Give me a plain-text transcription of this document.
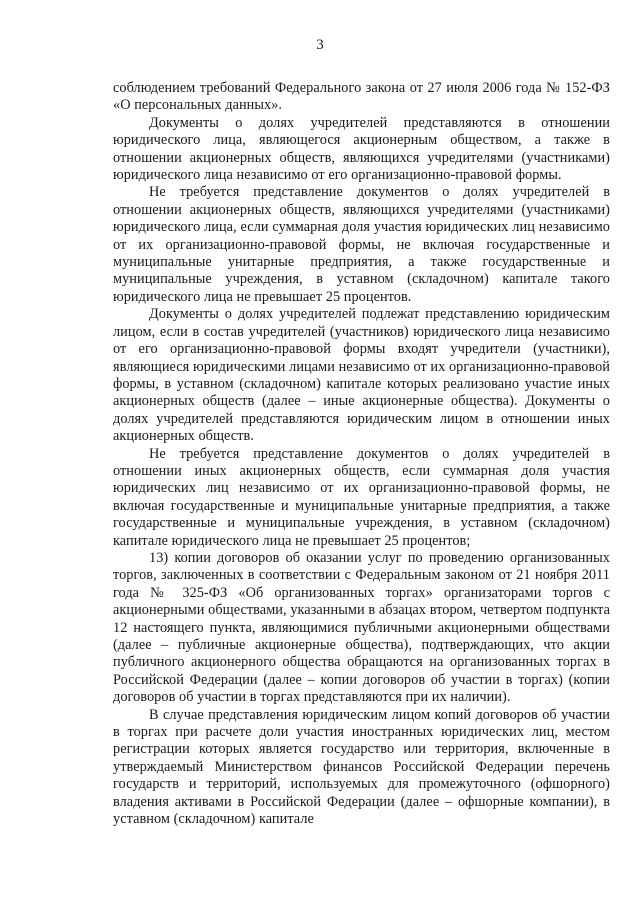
3

соблюдением требований Федерального закона от 27 июля 2006 года № 152-ФЗ «О персональных данных».

Документы о долях учредителей представляются в отношении юридического лица, являющегося акционерным обществом, а также в отношении акционерных обществ, являющихся учредителями (участниками) юридического лица независимо от его организационно-правовой формы.

Не требуется представление документов о долях учредителей в отношении акционерных обществ, являющихся учредителями (участниками) юридического лица, если суммарная доля участия юридических лиц независимо от их организационно-правовой формы, не включая государственные и муниципальные унитарные предприятия, а также государственные и муниципальные учреждения, в уставном (складочном) капитале такого юридического лица не превышает 25 процентов.

Документы о долях учредителей подлежат представлению юридическим лицом, если в состав учредителей (участников) юридического лица независимо от его организационно-правовой формы входят учредители (участники), являющиеся юридическими лицами независимо от их организационно-правовой формы, в уставном (складочном) капитале которых реализовано участие иных акционерных обществ (далее – иные акционерные общества). Документы о долях учредителей представляются юридическим лицом в отношении иных акционерных обществ.

Не требуется представление документов о долях учредителей в отношении иных акционерных обществ, если суммарная доля участия юридических лиц независимо от их организационно-правовой формы, не включая государственные и муниципальные унитарные предприятия, а также государственные и муниципальные учреждения, в уставном (складочном) капитале юридического лица не превышает 25 процентов;

13) копии договоров об оказании услуг по проведению организованных торгов, заключенных в соответствии с Федеральным законом от 21 ноября 2011 года № 325-ФЗ «Об организованных торгах» организаторами торгов с акционерными обществами, указанными в абзацах втором, четвертом подпункта 12 настоящего пункта, являющимися публичными акционерными обществами (далее – публичные акционерные общества), подтверждающих, что акции публичного акционерного общества обращаются на организованных торгах в Российской Федерации (далее – копии договоров об участии в торгах) (копии договоров об участии в торгах представляются при их наличии).

В случае представления юридическим лицом копий договоров об участии в торгах при расчете доли участия иностранных юридических лиц, местом регистрации которых является государство или территория, включенные в утверждаемый Министерством финансов Российской Федерации перечень государств и территорий, используемых для промежуточного (офшорного) владения активами в Российской Федерации (далее – офшорные компании), в уставном (складочном) капитале
